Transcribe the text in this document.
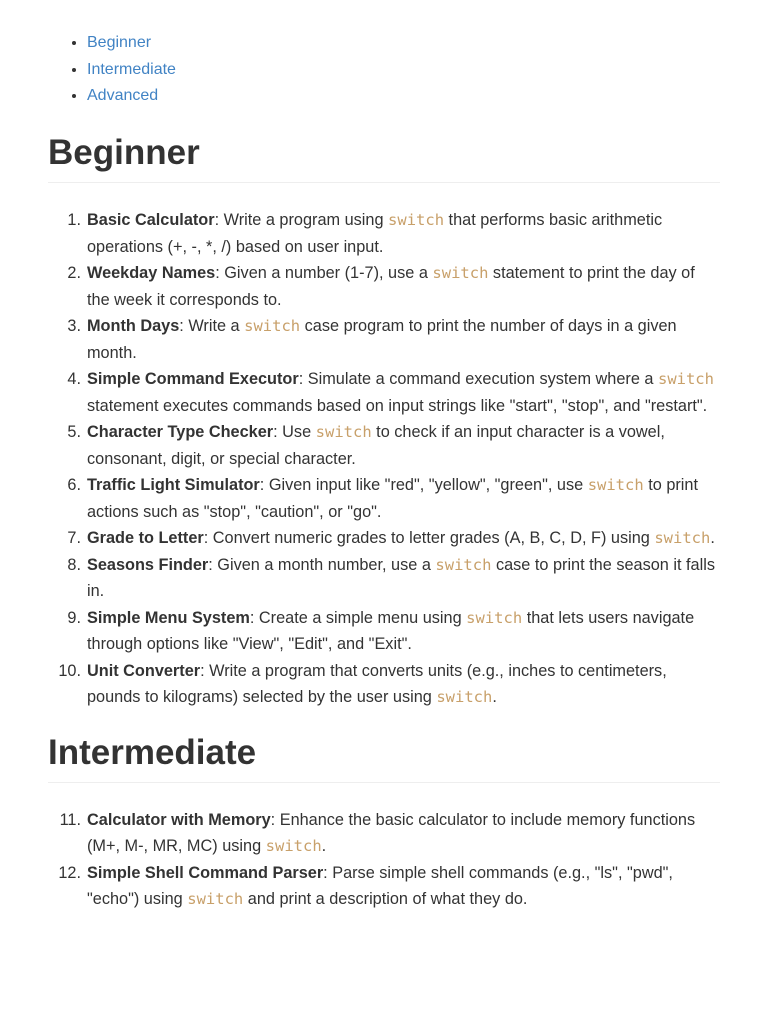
• Beginner
• Intermediate
• Advanced
Beginner
1. Basic Calculator: Write a program using switch that performs basic arithmetic operations (+, -, *, /) based on user input.
2. Weekday Names: Given a number (1-7), use a switch statement to print the day of the week it corresponds to.
3. Month Days: Write a switch case program to print the number of days in a given month.
4. Simple Command Executor: Simulate a command execution system where a switch statement executes commands based on input strings like "start", "stop", and "restart".
5. Character Type Checker: Use switch to check if an input character is a vowel, consonant, digit, or special character.
6. Traffic Light Simulator: Given input like "red", "yellow", "green", use switch to print actions such as "stop", "caution", or "go".
7. Grade to Letter: Convert numeric grades to letter grades (A, B, C, D, F) using switch.
8. Seasons Finder: Given a month number, use a switch case to print the season it falls in.
9. Simple Menu System: Create a simple menu using switch that lets users navigate through options like "View", "Edit", and "Exit".
10. Unit Converter: Write a program that converts units (e.g., inches to centimeters, pounds to kilograms) selected by the user using switch.
Intermediate
11. Calculator with Memory: Enhance the basic calculator to include memory functions (M+, M-, MR, MC) using switch.
12. Simple Shell Command Parser: Parse simple shell commands (e.g., "ls", "pwd", "echo") using switch and print a description of what they do.
